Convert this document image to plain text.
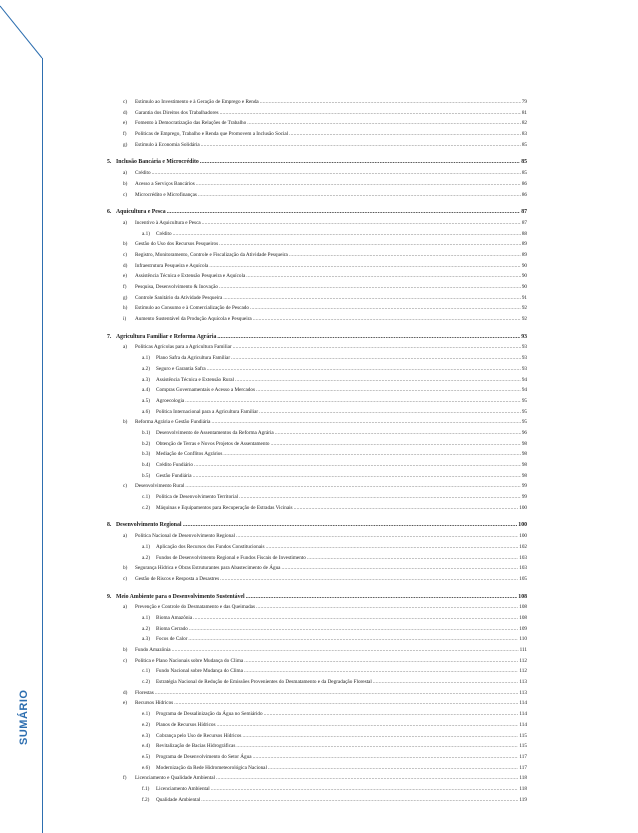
SUMÁRIO
c)	Estímulo ao Investimento e à Geração de Emprego e Renda .....	79
d)	Garantia dos Direitos dos Trabalhadores .....	81
e)	Fomento à Democratização das Relações de Trabalho .....	82
f)	Políticas de Emprego, Trabalho e Renda que Promovem a Inclusão Social .....	83
g)	Estímulo à Economia Solidária .....	85
5. Inclusão Bancária e Microcrédito .....	85
a)	Crédito .....	85
b)	Acesso a Serviços Bancários .....	86
c)	Microcrédito e Microfinanças .....	86
6. Aquicultura e Pesca .....	87
a)	Incentivo à Aquicultura e Pesca .....	87
a.1)	Crédito .....	88
b)	Gestão do Uso dos Recursos Pesqueiros .....	89
c)	Registro, Monitoramento, Controle e Fiscalização da Atividade Pesqueira .....	89
d)	Infraestrutura Pesqueira e Aquícola .....	90
e)	Assistência Técnica e Extensão Pesqueira e Aquícola .....	90
f)	Pesquisa, Desenvolvimento & Inovação .....	90
g)	Controle Sanitário da Atividade Pesqueira .....	91
h)	Estímulo ao Consumo e à Comercialização de Pescado .....	92
i)	Aumento Sustentável da Produção Aquícola e Pesqueira .....	92
7. Agricultura Familiar e Reforma Agrária .....	93
a)	Políticas Agrícolas para a Agricultura Familiar .....	93
a.1)	Plano Safra da Agricultura Familiar .....	93
a.2)	Seguro e Garantia Safra .....	93
a.3)	Assistência Técnica e Extensão Rural .....	94
a.4)	Compras Governamentais e Acesso a Mercados .....	94
a.5)	Agroecologia .....	95
a.6)	Política Internacional para a Agricultura Familiar .....	95
b)	Reforma Agrária e Gestão Fundiária .....	95
b.1)	Desenvolvimento de Assentamentos da Reforma Agrária .....	96
b.2)	Obtenção de Terras e Novos Projetos de Assentamento .....	98
b.3)	Mediação de Conflitos Agrários .....	98
b.4)	Crédito Fundiário .....	98
b.5)	Gestão Fundiária .....	98
c)	Desenvolvimento Rural .....	99
c.1)	Política de Desenvolvimento Territorial .....	99
c.2)	Máquinas e Equipamentos para Recuperação de Estradas Vicinais .....	100
8. Desenvolvimento Regional .....	100
a)	Política Nacional de Desenvolvimento Regional .....	100
a.1)	Aplicação dos Recursos dos Fundos Constitucionais .....	102
a.2)	Fundos de Desenvolvimento Regional e Fundos Fiscais de Investimento .....	103
b)	Segurança Hídrica e Obras Estruturantes para Abastecimento de Água .....	103
c)	Gestão de Riscos e Resposta a Desastres .....	105
9. Meio Ambiente para o Desenvolvimento Sustentável .....	108
a)	Prevenção e Controle do Desmatamento e das Queimadas .....	108
a.1)	Bioma Amazônia .....	108
a.2)	Bioma Cerrado .....	109
a.3)	Focos de Calor .....	110
b)	Fundo Amazônia .....	111
c)	Política e Plano Nacionais sobre Mudança do Clima .....	112
c.1)	Fundo Nacional sobre Mudança do Clima .....	112
c.2)	Estratégia Nacional de Redução de Emissões Provenientes do Desmatamento e da Degradação Florestal .....	113
d)	Florestas .....	113
e)	Recursos Hídricos .....	114
e.1)	Programa de Dessalinização da Água no Semiárido .....	114
e.2)	Planos de Recursos Hídricos .....	114
e.3)	Cobrança pelo Uso de Recursos Hídricos .....	115
e.4)	Revitalização de Bacias Hidrográficas .....	115
e.5)	Programa de Desenvolvimento do Setor Água .....	117
e.6)	Modernização da Rede Hidrometeorológica Nacional .....	117
f)	Licenciamento e Qualidade Ambiental .....	118
f.1)	Licenciamento Ambiental .....	118
f.2)	Qualidade Ambiental .....	119
